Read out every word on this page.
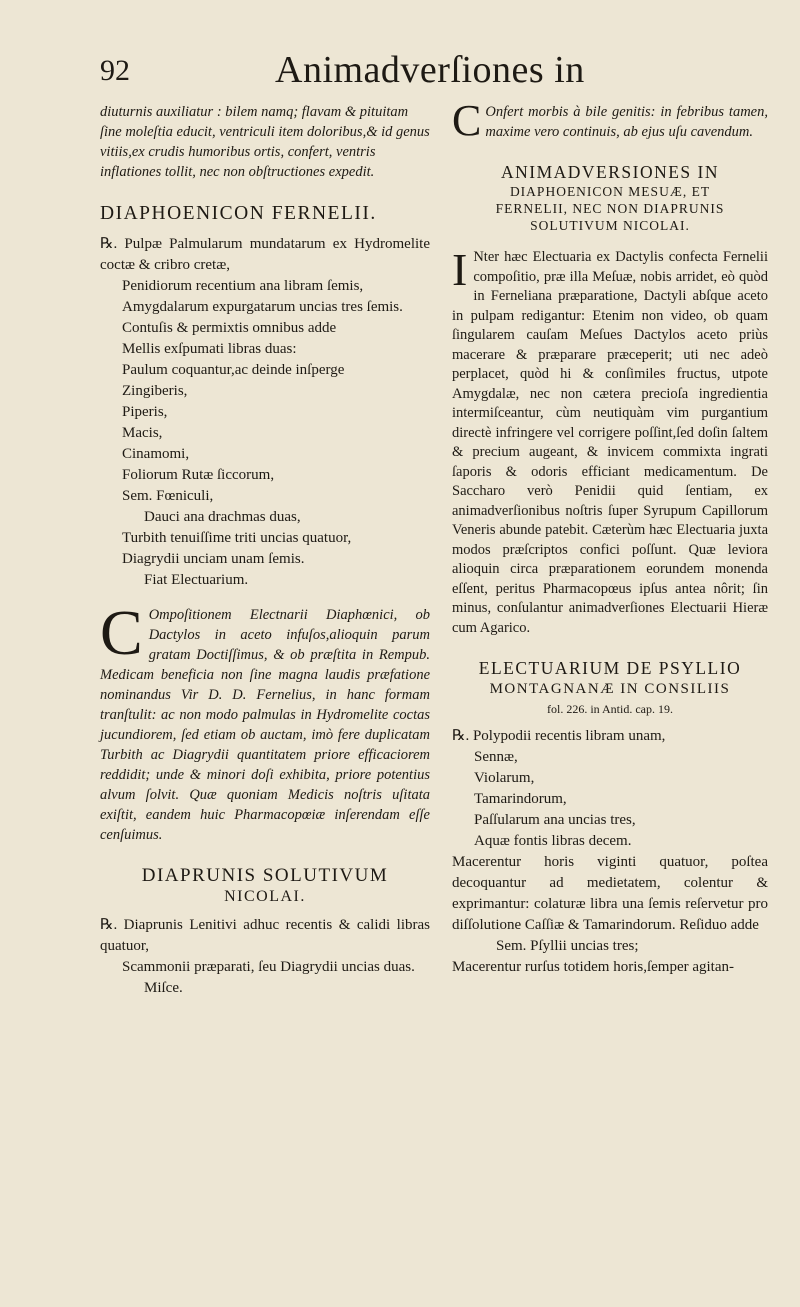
92	Animadverſiones in

diuturnis auxiliatur : bilem namq; flavam & pituitam ſine moleſtia educit, ventriculi item doloribus,& id genus vitiis,ex crudis humoribus ortis, confert, ventris inflationes tollit, nec non obſtructiones expedit.

DIAPHOENICON FERNELII.

℞. Pulpæ Palmularum mundatarum ex Hydromelite coctæ & cribro cretæ,

Penidiorum recentium ana libram ſemis,

Amygdalarum expurgatarum uncias tres ſemis.

Contuſis & permixtis omnibus adde

Mellis exſpumati libras duas:

Paulum coquantur,ac deinde inſperge

Zingiberis,

Piperis,

Macis,

Cinamomi,

Foliorum Rutæ ſiccorum,

Sem. Fœniculi,

Dauci ana drachmas duas,

Turbith tenuiſſime triti uncias quatuor,

Diagrydii unciam unam ſemis.

Fiat Electuarium.

C Ompoſitionem Electnarii Diaphœnici, ob Dactylos in aceto infuſos,alioquin parum gratam Doctiſſimus, & ob præſtita in Rempub. Medicam beneficia non ſine magna laudis præfatione nominandus Vir D. D. Fernelius, in hanc formam tranſtulit: ac non modo palmulas in Hydromelite coctas jucundiorem, ſed etiam ob auctam, imò fere duplicatam Turbith ac Diagrydii quantitatem priore efficaciorem reddidit; unde & minori doſi exhibita, priore potentius alvum ſolvit. Quæ quoniam Medicis noſtris uſitata exiſtit, eandem huic Pharmacopœiæ inſerendam eſſe cenſuimus.

DIAPRUNIS SOLUTIVUM

NICOLAI.

℞. Diaprunis Lenitivi adhuc recentis & calidi libras quatuor,

Scammonii præparati, ſeu Diagrydii uncias duas.

Miſce.

C Onfert morbis à bile genitis: in febribus tamen, maxime vero continuis, ab ejus uſu cavendum.

ANIMADVERSIONES IN

DIAPHOENICON MESUÆ, ET

FERNELII, NEC NON DIAPRUNIS

SOLUTIVUM NICOLAI.

I Nter hæc Electuaria ex Dactylis confecta Fernelii compoſitio, præ illa Meſuæ, nobis arridet, eò quòd in Ferneliana præparatione, Dactyli abſque aceto in pulpam redigantur: Etenim non video, ob quam ſingularem cauſam Meſues Dactylos aceto priùs macerare & præparare præceperit; uti nec adeò perplacet, quòd hi & conſimiles fructus, utpote Amygdalæ, nec non cætera precioſa ingredientia intermiſceantur, cùm neutiquàm vim purgantium directè infringere vel corrigere poſſint,ſed doſin ſaltem & precium augeant, & invicem commixta ingrati ſaporis & odoris efficiant medicamentum. De Saccharo verò Penidii quid ſentiam, ex animadverſionibus noſtris ſuper Syrupum Capillorum Veneris abunde patebit. Cæterùm hæc Electuaria juxta modos præſcriptos confici poſſunt. Quæ leviora alioquin circa præparationem eorundem monenda eſſent, peritus Pharmacopœus ipſus antea nôrit; ſin minus, conſulantur animadverſiones Electuarii Hieræ cum Agarico.

ELECTUARIUM DE PSYLLIO

MONTAGNANÆ IN CONSILIIS

fol. 226. in Antid. cap. 19.

℞. Polypodii recentis libram unam,

Sennæ,

Violarum,

Tamarindorum,

Paſſularum ana uncias tres,

Aquæ fontis libras decem.

Macerentur horis viginti quatuor, poſtea decoquantur ad medietatem, colentur & exprimantur: colaturæ libra una ſemis reſervetur pro diſſolutione Caſſiæ & Tamarindorum. Reſiduo adde

Sem. Pſyllii uncias tres;

Macerentur rurſus totidem horis,ſemper agitan-
